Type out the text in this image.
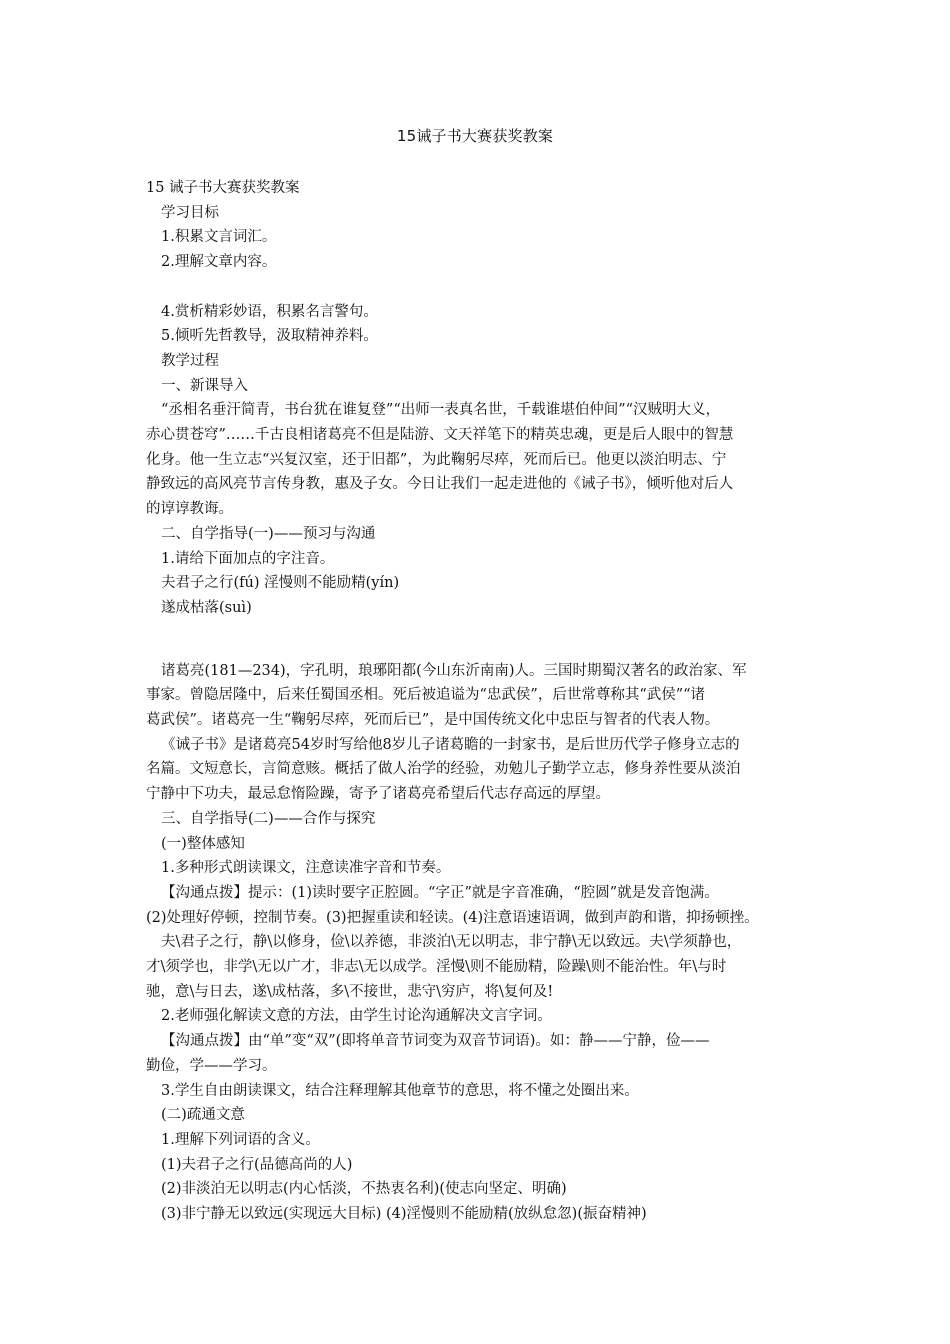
15诫子书大赛获奖教案

15 诫子书大赛获奖教案

学习目标

1.积累文言词汇。

2.理解文章内容。

4.赏析精彩妙语，积累名言警句。

5.倾听先哲教导，汲取精神养料。

教学过程

一、新课导入

“丞相名垂汗简青，书台犹在谁复登”“出师一表真名世，千载谁堪伯仲间”“汉贼明大义，

赤心贯苍穹”……千古良相诸葛亮不但是陆游、文天祥笔下的精英忠魂，更是后人眼中的智慧

化身。他一生立志“兴复汉室，还于旧都”，为此鞠躬尽瘁，死而后已。他更以淡泊明志、宁

静致远的高风亮节言传身教，惠及子女。今日让我们一起走进他的《诫子书》，倾听他对后人

的谆谆教诲。

二、自学指导(一)——预习与沟通

1.请给下面加点的字注音。

夫君子之行(fú) 淫慢则不能励精(yín)

遂成枯落(suì)

诸葛亮(181—234)，字孔明，琅琊阳都(今山东沂南南)人。三国时期蜀汉著名的政治家、军

事家。曾隐居隆中，后来任蜀国丞相。死后被追谥为“忠武侯”，后世常尊称其“武侯”“诸

葛武侯”。诸葛亮一生“鞠躬尽瘁，死而后已”，是中国传统文化中忠臣与智者的代表人物。

《诫子书》是诸葛亮54岁时写给他8岁儿子诸葛瞻的一封家书，是后世历代学子修身立志的

名篇。文短意长，言简意赅。概括了做人治学的经验，劝勉儿子勤学立志，修身养性要从淡泊

宁静中下功夫，最忌怠惰险躁，寄予了诸葛亮希望后代志存高远的厚望。

三、自学指导(二)——合作与探究

(一)整体感知

1.多种形式朗读课文，注意读准字音和节奏。

【沟通点拨】提示：(1)读时要字正腔圆。“字正”就是字音准确，“腔圆”就是发音饱满。

(2)处理好停顿，控制节奏。(3)把握重读和轻读。(4)注意语速语调，做到声韵和谐，抑扬顿挫。

夫\君子之行，静\以修身，俭\以养德，非淡泊\无以明志，非宁静\无以致远。夫\学须静也，

才\须学也，非学\无以广才，非志\无以成学。淫慢\则不能励精，险躁\则不能治性。年\与时

驰，意\与日去，遂\成枯落，多\不接世，悲守\穷庐，将\复何及!

2.老师强化解读文意的方法，由学生讨论沟通解决文言字词。

【沟通点拨】由“单”变“双”(即将单音节词变为双音节词语)。如：静——宁静，俭——

勤俭，学——学习。

3.学生自由朗读课文，结合注释理解其他章节的意思，将不懂之处圈出来。

(二)疏通文意

1.理解下列词语的含义。

(1)夫君子之行(品德高尚的人)

(2)非淡泊无以明志(内心恬淡，不热衷名利)(使志向坚定、明确)

(3)非宁静无以致远(实现远大目标) (4)淫慢则不能励精(放纵怠忽)(振奋精神)
